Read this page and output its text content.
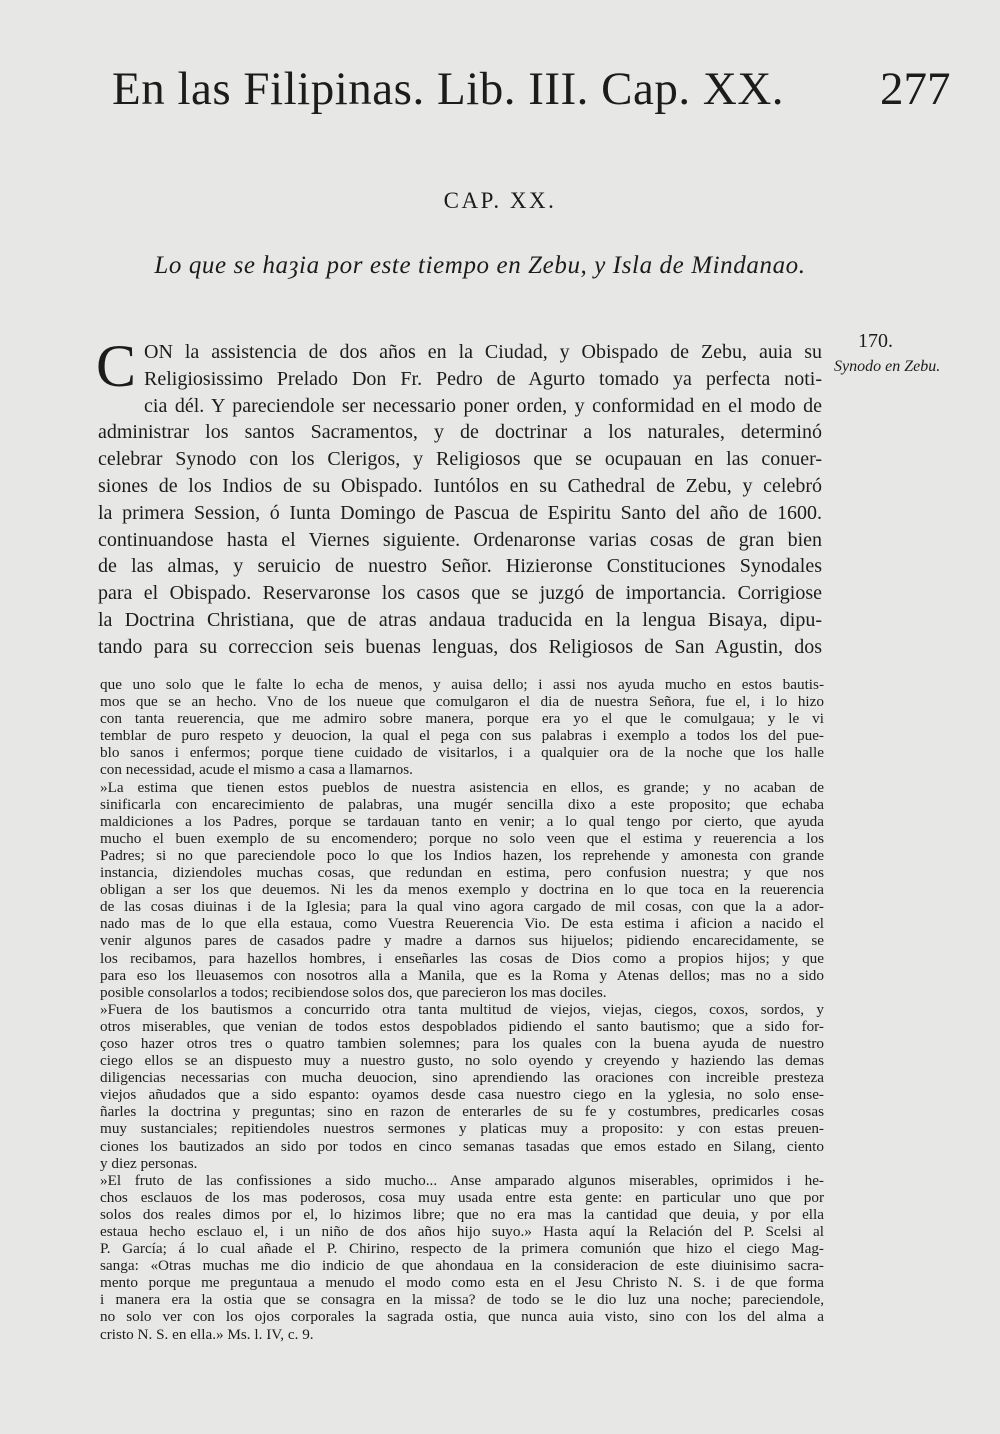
En las Filipinas. Lib. III. Cap. XX. 277
CAP. XX.
Lo que se haȝia por este tiempo en Zebu, y Isla de Mindanao.
170.
Synodo en Zebu.
C ON la assistencia de dos años en la Ciudad, y Obispado de Zebu, auia su
Religiosissimo Prelado Don Fr. Pedro de Agurto tomado ya perfecta noti-
cia dél. Y pareciendole ser necessario poner orden, y conformidad en el modo de
administrar los santos Sacramentos, y de doctrinar a los naturales, determinó
celebrar Synodo con los Clerigos, y Religiosos que se ocupauan en las conuer-
siones de los Indios de su Obispado. Iuntólos en su Cathedral de Zebu, y celebró
la primera Session, ó Iunta Domingo de Pascua de Espiritu Santo del año de 1600.
continuandose hasta el Viernes siguiente. Ordenaronse varias cosas de gran bien
de las almas, y seruicio de nuestro Señor. Hizieronse Constituciones Synodales
para el Obispado. Reservaronse los casos que se juzgó de importancia. Corrigiose
la Doctrina Christiana, que de atras andaua traducida en la lengua Bisaya, dipu-
tando para su correccion seis buenas lenguas, dos Religiosos de San Agustin, dos
que uno solo que le falte lo echa de menos, y auisa dello; i assi nos ayuda mucho en estos bautis-
mos que se an hecho. Vno de los nueue que comulgaron el dia de nuestra Señora, fue el, i lo hizo
con tanta reuerencia, que me admiro sobre manera, porque era yo el que le comulgaua; y le vi
temblar de puro respeto y deuocion, la qual el pega con sus palabras i exemplo a todos los del pue-
blo sanos i enfermos; porque tiene cuidado de visitarlos, i a qualquier ora de la noche que los halle
con necessidad, acude el mismo a casa a llamarnos.
»La estima que tienen estos pueblos de nuestra asistencia en ellos, es grande; y no acaban de
sinificarla con encarecimiento de palabras, una mugér sencilla dixo a este proposito; que echaba
maldiciones a los Padres, porque se tardauan tanto en venir; a lo qual tengo por cierto, que ayuda
mucho el buen exemplo de su encomendero; porque no solo veen que el estima y reuerencia a los
Padres; si no que pareciendole poco lo que los Indios hazen, los reprehende y amonesta con grande
instancia, diziendoles muchas cosas, que redundan en estima, pero confusion nuestra; y que nos
obligan a ser los que deuemos. Ni les da menos exemplo y doctrina en lo que toca en la reuerencia
de las cosas diuinas i de la Iglesia; para la qual vino agora cargado de mil cosas, con que la a ador-
nado mas de lo que ella estaua, como Vuestra Reuerencia Vio. De esta estima i aficion a nacido el
venir algunos pares de casados padre y madre a darnos sus hijuelos; pidiendo encarecidamente, se
los recibamos, para hazellos hombres, i enseñarles las cosas de Dios como a propios hijos; y que
para eso los lleuasemos con nosotros alla a Manila, que es la Roma y Atenas dellos; mas no a sido
posible consolarlos a todos; recibiendose solos dos, que parecieron los mas dociles.
»Fuera de los bautismos a concurrido otra tanta multitud de viejos, viejas, ciegos, coxos, sordos, y
otros miserables, que venian de todos estos despoblados pidiendo el santo bautismo; que a sido for-
çoso hazer otros tres o quatro tambien solemnes; para los quales con la buena ayuda de nuestro
ciego ellos se an dispuesto muy a nuestro gusto, no solo oyendo y creyendo y haziendo las demas
diligencias necessarias con mucha deuocion, sino aprendiendo las oraciones con increible presteza
viejos añudados que a sido espanto: oyamos desde casa nuestro ciego en la yglesia, no solo ense-
ñarles la doctrina y preguntas; sino en razon de enterarles de su fe y costumbres, predicarles cosas
muy sustanciales; repitiendoles nuestros sermones y platicas muy a proposito: y con estas preuen-
ciones los bautizados an sido por todos en cinco semanas tasadas que emos estado en Silang, ciento
y diez personas.
»El fruto de las confissiones a sido mucho... Anse amparado algunos miserables, oprimidos i he-
chos esclauos de los mas poderosos, cosa muy usada entre esta gente: en particular uno que por
solos dos reales dimos por el, lo hizimos libre; que no era mas la cantidad que deuia, y por ella
estaua hecho esclauo el, i un niño de dos años hijo suyo.» Hasta aquí la Relación del P. Scelsi al
P. García; á lo cual añade el P. Chirino, respecto de la primera comunión que hizo el ciego Mag-
sanga: «Otras muchas me dio indicio de que ahondaua en la consideracion de este diuinisimo sacra-
mento porque me preguntaua a menudo el modo como esta en el Jesu Christo N. S. i de que forma
i manera era la ostia que se consagra en la missa? de todo se le dio luz una noche; pareciendole,
no solo ver con los ojos corporales la sagrada ostia, que nunca auia visto, sino con los del alma a
cristo N. S. en ella.» Ms. l. IV, c. 9.
